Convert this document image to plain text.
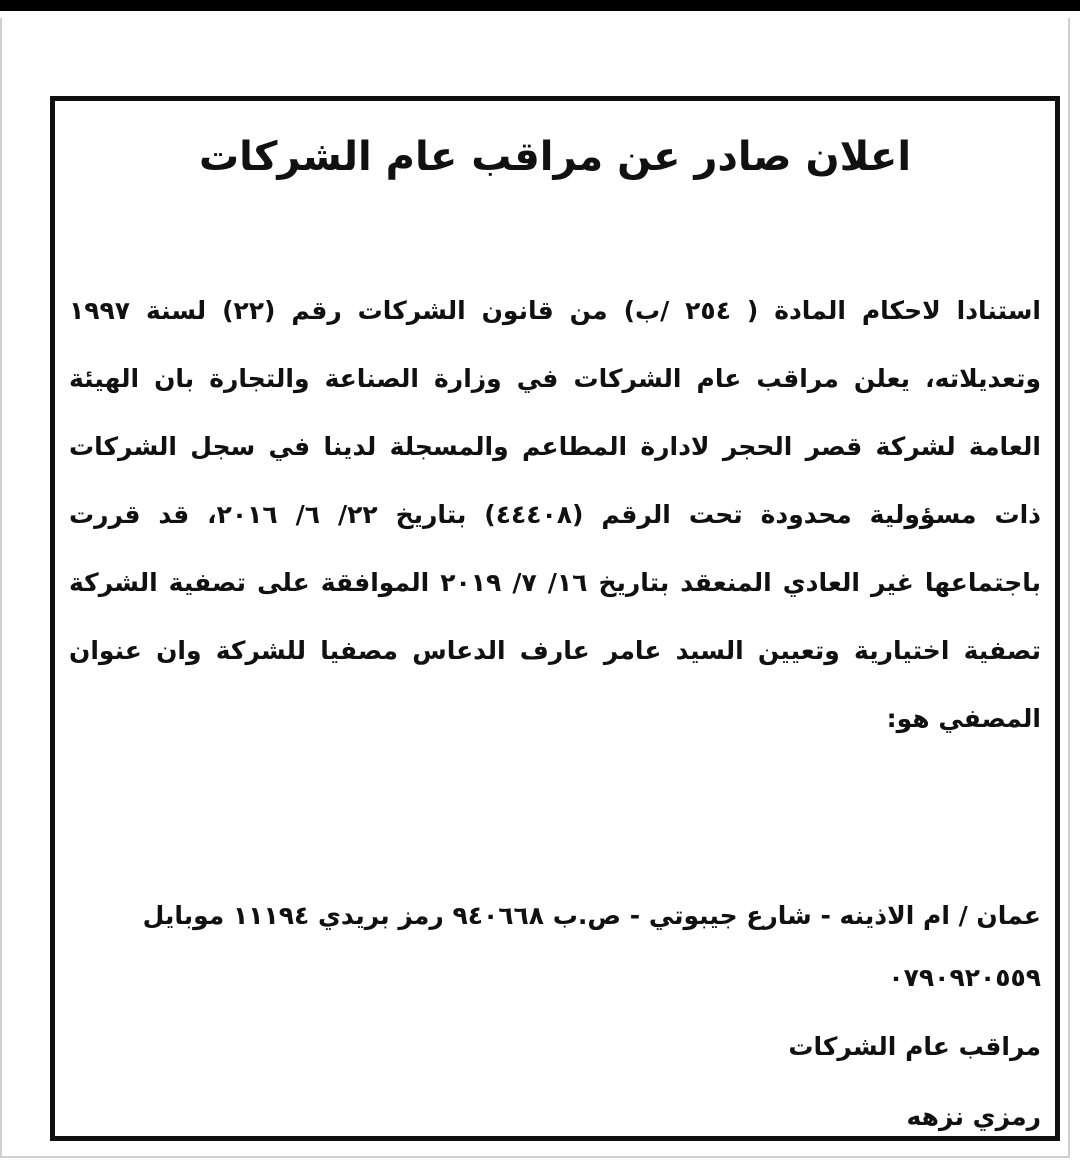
اعلان صادر عن مراقب عام الشركات

استنادا لاحكام المادة ( ٢٥٤ /ب) من قانون الشركات رقم (٢٢) لسنة ١٩٩٧ وتعديلاته، يعلن مراقب عام الشركات في وزارة الصناعة والتجارة بان الهيئة العامة لشركة قصر الحجر لادارة المطاعم والمسجلة لدينا في سجل الشركات ذات مسؤولية محدودة تحت الرقم (٤٤٤٠٨) بتاريخ ٢٢/ ٦/ ٢٠١٦، قد قررت باجتماعها غير العادي المنعقد بتاريخ ١٦/ ٧/ ٢٠١٩ الموافقة على تصفية الشركة تصفية اختيارية وتعيين السيد عامر عارف الدعاس مصفيا للشركة وان عنوان المصفي هو:

عمان / ام الاذينه - شارع جيبوتي - ص.ب ٩٤٠٦٦٨ رمز بريدي ١١١٩٤ موبايل ٠٧٩٠٩٢٠٥٥٩

مراقب عام الشركات
رمزي نزهه
